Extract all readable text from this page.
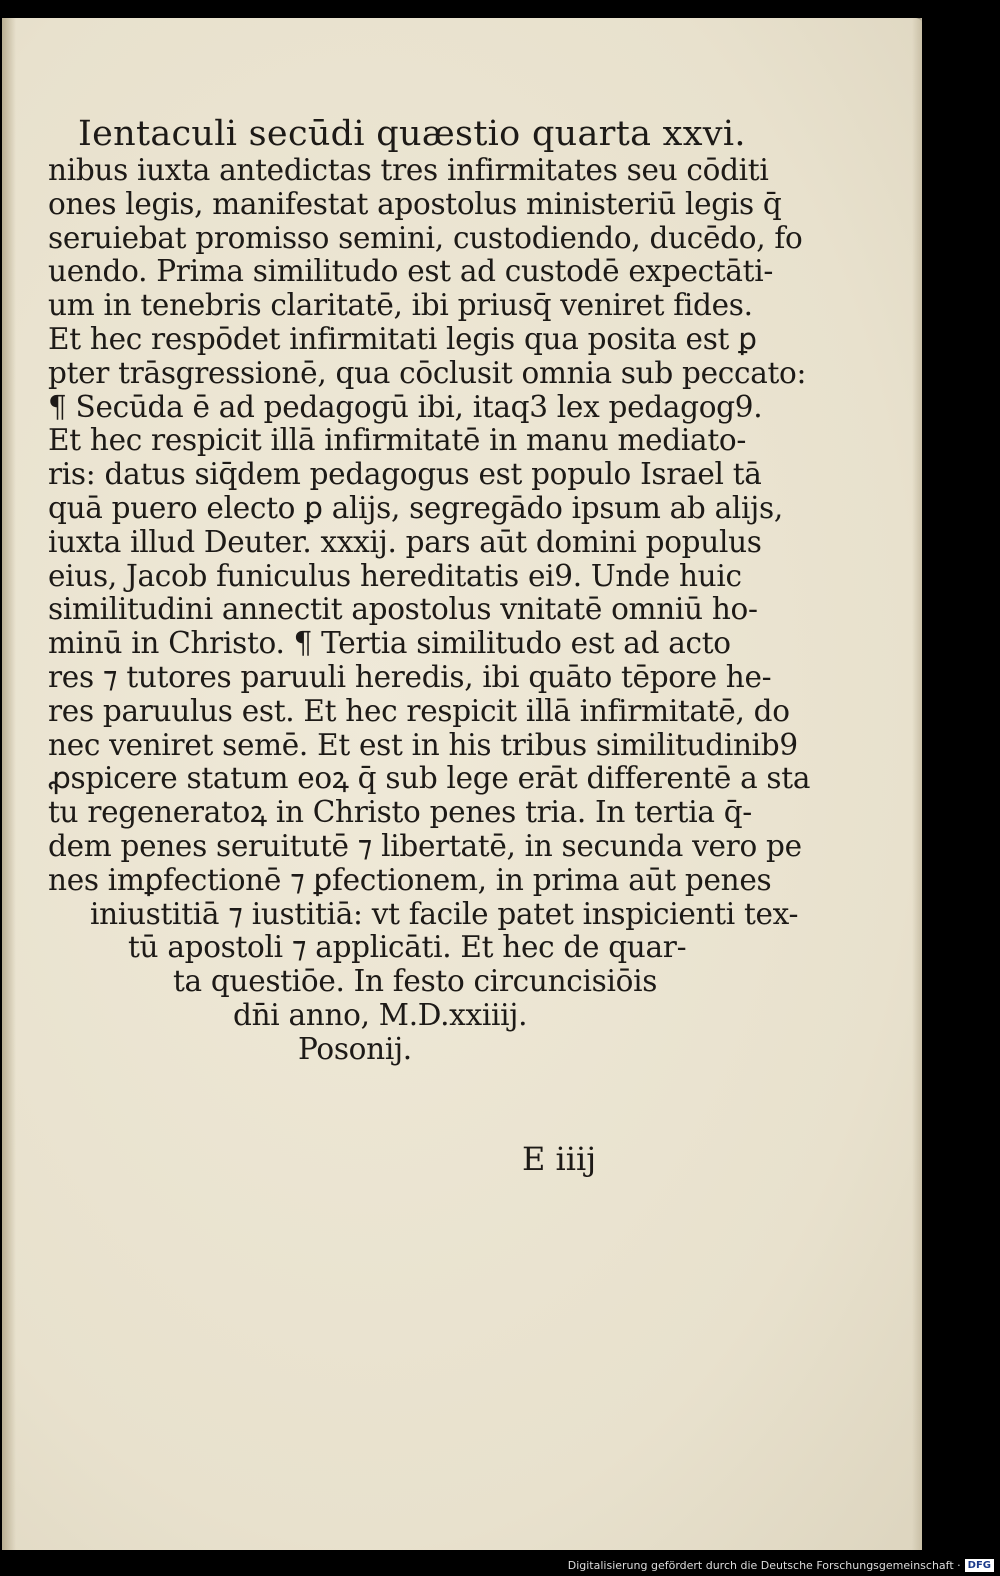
Ientaculi secūdi quæstio quarta xxvi.
nibus iuxta antedictas tres infirmitates seu cōditi
ones legis, manifestat apostolus ministeriū legis q̄
seruiebat promisso semini, custodiendo, ducēdo, fo
uendo. Prima similitudo est ad custodē expectāti-
um in tenebris claritatē, ibi priusq̄ veniret fides.
Et hec respōdet infirmitati legis qua posita est ꝑ
pter trāsgressionē, qua cōclusit omnia sub peccato:
¶ Secūda ē ad pedagogū ibi, itaq3 lex pedagog9.
Et hec respicit illā infirmitatē in manu mediato-
ris: datus siq̄dem pedagogus est populo Israel tā
quā puero electo ꝑ alijs, segregādo ipsum ab alijs,
iuxta illud Deuter. xxxij. pars aūt domini populus
eius, Jacob funiculus hereditatis ei9. Unde huic
similitudini annectit apostolus vnitatē omniū ho-
minū in Christo. ¶ Tertia similitudo est ad acto
res ⁊ tutores paruuli heredis, ibi quāto tēpore he-
res paruulus est. Et hec respicit illā infirmitatē, do
nec veniret semē. Et est in his tribus similitudinib9
ꝓspicere statum eoꝝ q̄ sub lege erāt differentē a sta
tu regeneratoꝝ in Christo penes tria. In tertia q̄-
dem penes seruitutē ⁊ libertatē, in secunda vero pe
nes imꝑfectionē ⁊ ꝑfectionem, in prima aūt penes
iniustitiā ⁊ iustitiā: vt facile patet inspicienti tex-
tū apostoli ⁊ applicāti. Et hec de quar-
ta questiōe. In festo circuncisiōis
dn̄i anno, M.D.xxiiij.
Posonij.
E iiij
Digitalisierung gefördert durch die Deutsche Forschungsgemeinschaft · DFG
